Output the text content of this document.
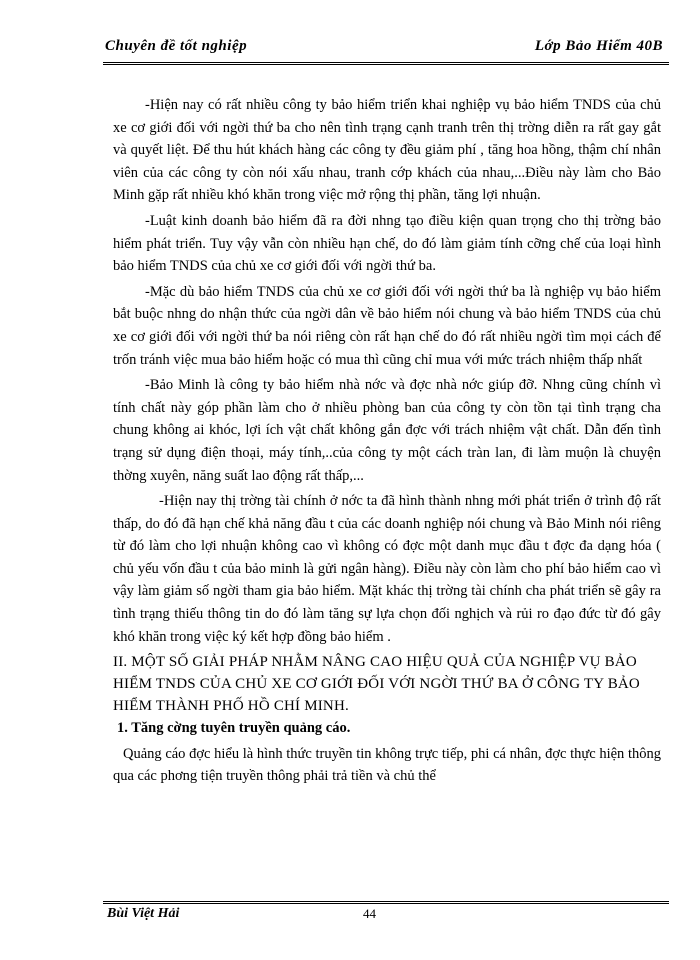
Chuyên đề tốt nghiệp	Lớp Bảo Hiểm 40B

-Hiện nay có rất nhiều công ty bảo hiểm triển khai nghiệp vụ bảo hiểm TNDS của chủ xe cơ giới đối với ngời thứ ba cho nên tình trạng cạnh tranh trên thị trờng diễn ra rất gay gắt và quyết liệt. Để thu hút khách hàng các công ty đều giảm phí , tăng hoa hồng, thậm chí nhân viên của các công ty còn nói xấu nhau, tranh cớp khách của nhau,...Điều này làm cho Bảo Minh gặp rất nhiều khó khăn trong việc mở rộng thị phần, tăng lợi nhuận.

-Luật kinh doanh bảo hiểm đã ra đời nhng tạo điều kiện quan trọng cho thị trờng bảo hiểm phát triển. Tuy vậy vẫn còn nhiều hạn chế, do đó làm giảm tính cỡng chế của loại hình bảo hiểm TNDS của chủ xe cơ giới đối với ngời thứ ba.

-Mặc dù bảo hiểm TNDS của chủ xe cơ giới đối với ngời thứ ba là nghiệp vụ bảo hiểm bắt buộc nhng do nhận thức của ngời dân về bảo hiểm nói chung và bảo hiểm TNDS của chủ xe cơ giới đối với ngời thứ ba nói riêng còn rất hạn chế do đó rất nhiều ngời tìm mọi cách để trốn tránh việc mua bảo hiểm hoặc có mua thì cũng chỉ mua với mức trách nhiệm thấp nhất

-Bảo Minh là công ty bảo hiểm nhà nớc và đợc nhà nớc giúp đỡ. Nhng cũng chính vì tính chất này góp phần làm cho ở nhiều phòng ban của công ty còn tồn tại tình trạng cha chung không ai khóc, lợi ích vật chất không gắn đợc với trách nhiệm vật chất. Dẫn đến tình trạng sử dụng điện thoại, máy tính,..của công ty một cách tràn lan, đi làm muộn là chuyện thờng xuyên, năng suất lao động rất thấp,...

-Hiện nay thị trờng tài chính ở nớc ta đã hình thành nhng mới phát triển ở trình độ rất thấp, do đó đã hạn chế khả năng đầu t của các doanh nghiệp nói chung và Bảo Minh nói riêng từ đó làm cho lợi nhuận không cao vì không có đợc một danh mục đầu t đợc đa dạng hóa ( chủ yếu vốn đầu t của bảo minh là gửi ngân hàng). Điều này còn làm cho phí bảo hiểm cao vì vậy làm giảm số ngời tham gia bảo hiểm. Mặt khác thị trờng tài chính cha phát triển sẽ gây ra tình trạng thiếu thông tin do đó làm tăng sự lựa chọn đối nghịch và rủi ro đạo đức từ đó gây khó khăn trong việc ký kết hợp đồng bảo hiểm .

II. MỘT SỐ GIẢI PHÁP NHẰM NÂNG CAO HIỆU QUẢ CỦA NGHIỆP VỤ BẢO HIỂM TNDS CỦA CHỦ XE CƠ GIỚI ĐỐI VỚI NGỜI THỨ BA Ở CÔNG TY BẢO HIỂM THÀNH PHỐ HỒ CHÍ MINH.

1. Tăng cờng tuyên truyền quảng cáo.

Quảng cáo đợc hiểu là hình thức truyền tin không trực tiếp, phi cá nhân, đợc thực hiện thông qua các phơng tiện truyền thông phải trả tiền và chủ thể

Bùi Việt Hải	44
